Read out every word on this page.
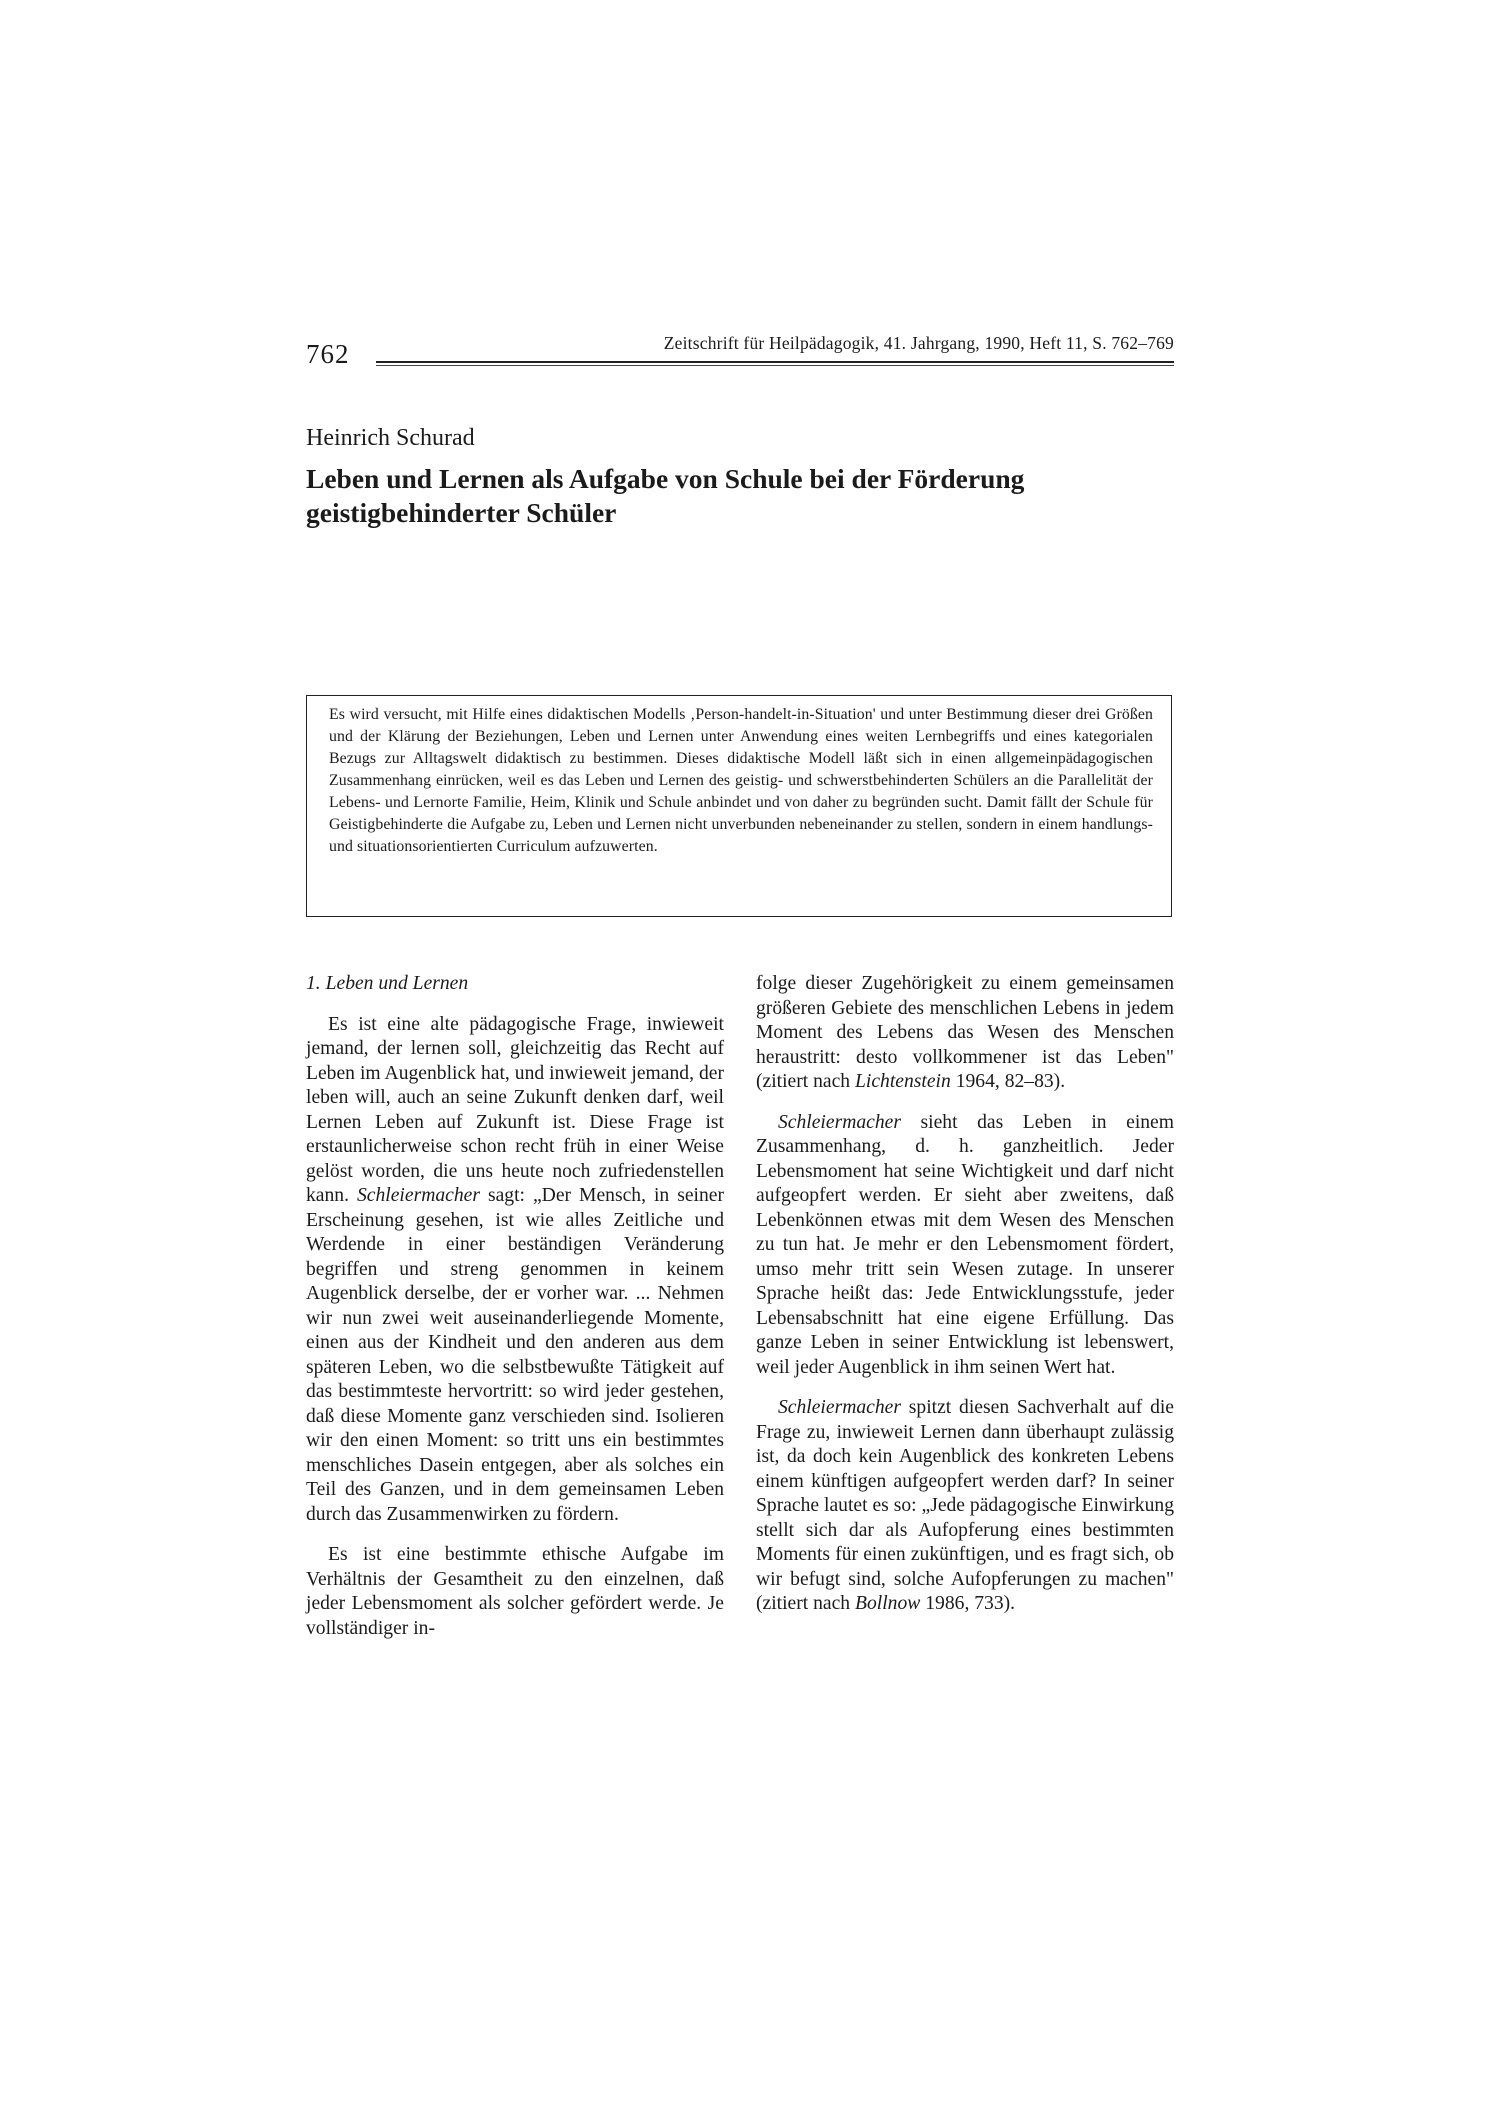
762	Zeitschrift für Heilpädagogik, 41. Jahrgang, 1990, Heft 11, S. 762–769
Heinrich Schurad
Leben und Lernen als Aufgabe von Schule bei der Förderung geistigbehinderter Schüler
Es wird versucht, mit Hilfe eines didaktischen Modells ‚Person-handelt-in-Situation' und unter Bestimmung dieser drei Größen und der Klärung der Beziehungen, Leben und Lernen unter Anwendung eines weiten Lernbegriffs und eines kategorialen Bezugs zur Alltagswelt didaktisch zu bestimmen. Dieses didaktische Modell läßt sich in einen allgemeinpädagogischen Zusammenhang einrücken, weil es das Leben und Lernen des geistig- und schwerstbehinderten Schülers an die Parallelität der Lebens- und Lernorte Familie, Heim, Klinik und Schule anbindet und von daher zu begründen sucht. Damit fällt der Schule für Geistigbehinderte die Aufgabe zu, Leben und Lernen nicht unverbunden nebeneinander zu stellen, sondern in einem handlungs- und situationsorientierten Curriculum aufzuwerten.

1. Leben und Lernen

Es ist eine alte pädagogische Frage, inwieweit jemand, der lernen soll, gleichzeitig das Recht auf Leben im Augenblick hat, und inwieweit jemand, der leben will, auch an seine Zukunft denken darf, weil Lernen Leben auf Zukunft ist. Diese Frage ist erstaunlicherweise schon recht früh in einer Weise gelöst worden, die uns heute noch zufriedenstellen kann. Schleiermacher sagt: „Der Mensch, in seiner Erscheinung gesehen, ist wie alles Zeitliche und Werdende in einer beständigen Veränderung begriffen und streng genommen in keinem Augenblick derselbe, der er vorher war. ... Nehmen wir nun zwei weit auseinanderliegende Momente, einen aus der Kindheit und den anderen aus dem späteren Leben, wo die selbstbewußte Tätigkeit auf das bestimmteste hervortritt: so wird jeder gestehen, daß diese Momente ganz verschieden sind. Isolieren wir den einen Moment: so tritt uns ein bestimmtes menschliches Dasein entgegen, aber als solches ein Teil des Ganzen, und in dem gemeinsamen Leben durch das Zusammenwirken zu fördern.

Es ist eine bestimmte ethische Aufgabe im Verhältnis der Gesamtheit zu den einzelnen, daß jeder Lebensmoment als solcher gefördert werde. Je vollständiger in-

folge dieser Zugehörigkeit zu einem gemeinsamen größeren Gebiete des menschlichen Lebens in jedem Moment des Lebens das Wesen des Menschen heraustritt: desto vollkommener ist das Leben" (zitiert nach Lichtenstein 1964, 82–83).

Schleiermacher sieht das Leben in einem Zusammenhang, d. h. ganzheitlich. Jeder Lebensmoment hat seine Wichtigkeit und darf nicht aufgeopfert werden. Er sieht aber zweitens, daß Lebenkönnen etwas mit dem Wesen des Menschen zu tun hat. Je mehr er den Lebensmoment fördert, umso mehr tritt sein Wesen zutage. In unserer Sprache heißt das: Jede Entwicklungsstufe, jeder Lebensabschnitt hat eine eigene Erfüllung. Das ganze Leben in seiner Entwicklung ist lebenswert, weil jeder Augenblick in ihm seinen Wert hat.

Schleiermacher spitzt diesen Sachverhalt auf die Frage zu, inwieweit Lernen dann überhaupt zulässig ist, da doch kein Augenblick des konkreten Lebens einem künftigen aufgeopfert werden darf? In seiner Sprache lautet es so: „Jede pädagogische Einwirkung stellt sich dar als Aufopferung eines bestimmten Moments für einen zukünftigen, und es fragt sich, ob wir befugt sind, solche Aufopferungen zu machen" (zitiert nach Bollnow 1986, 733).
